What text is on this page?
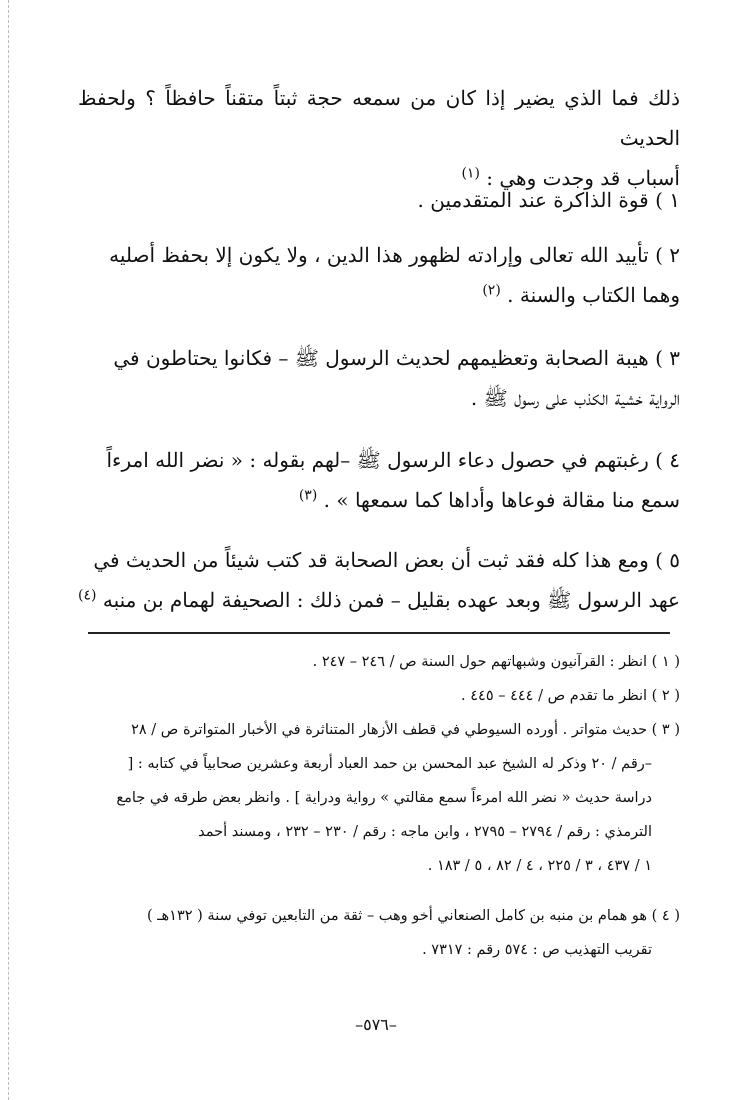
ذلك فما الذي يضير إذا كان من سمعه حجة ثبتاً متقناً حافظاً ؟ ولحفظ الحديث

أسباب قد وجدت وهي : $^{(١)}$

١ ) قوة الذاكرة عند المتقدمين .

٢ ) تأييد الله تعالى وإرادته لظهور هذا الدين ، ولا يكون إلا بحفظ أصليه

وهما الكتاب والسنة . $^{(٢)}$

٣ ) هيبة الصحابة وتعظيمهم لحديث الرسول ﷺ – فكانوا يحتاطون في

الرواية خشية الكذب على رسول ﷺ .

٤ ) رغبتهم في حصول دعاء الرسول ﷺ –لهم بقوله : « نضر الله امرءاً

سمع منا مقالة فوعاها وأداها كما سمعها » . $^{(٣)}$

٥ ) ومع هذا كله فقد ثبت أن بعض الصحابة قد كتب شيئاً من الحديث في

عهد الرسول ﷺ وبعد عهده بقليل – فمن ذلك : الصحيفة لهمام بن منبه $^{(٤)}$

( ١ ) انظر : القرآنيون وشبهاتهم حول السنة ص / ٢٤٦ – ٢٤٧ .

( ٢ ) انظر ما تقدم ص / ٤٤٤ – ٤٤٥ .

( ٣ ) حديث متواتر . أورده السيوطي في قطف الأزهار المتناثرة في الأخبار المتواترة ص / ٢٨

–رقم / ٢٠ وذكر له الشيخ عبد المحسن بن حمد العباد أربعة وعشرين صحابياً في كتابه : [

دراسة حديث « نضر الله امرءاً سمع مقالتي » رواية ودراية ] . وانظر بعض طرقه في جامع

الترمذي : رقم / ٢٧٩٤ – ٢٧٩٥ ، وابن ماجه : رقم / ٢٣٠ – ٢٣٢ ، ومسند أحمد

١ / ٤٣٧ ، ٣ / ٢٢٥ ، ٤ / ٨٢ ، ٥ / ١٨٣ .

( ٤ ) هو همام بن منبه بن كامل الصنعاني أخو وهب – ثقة من التابعين توفي سنة ( ١٣٢هـ )

تقريب التهذيب ص : ٥٧٤ رقم : ٧٣١٧ .

–٥٧٦–
